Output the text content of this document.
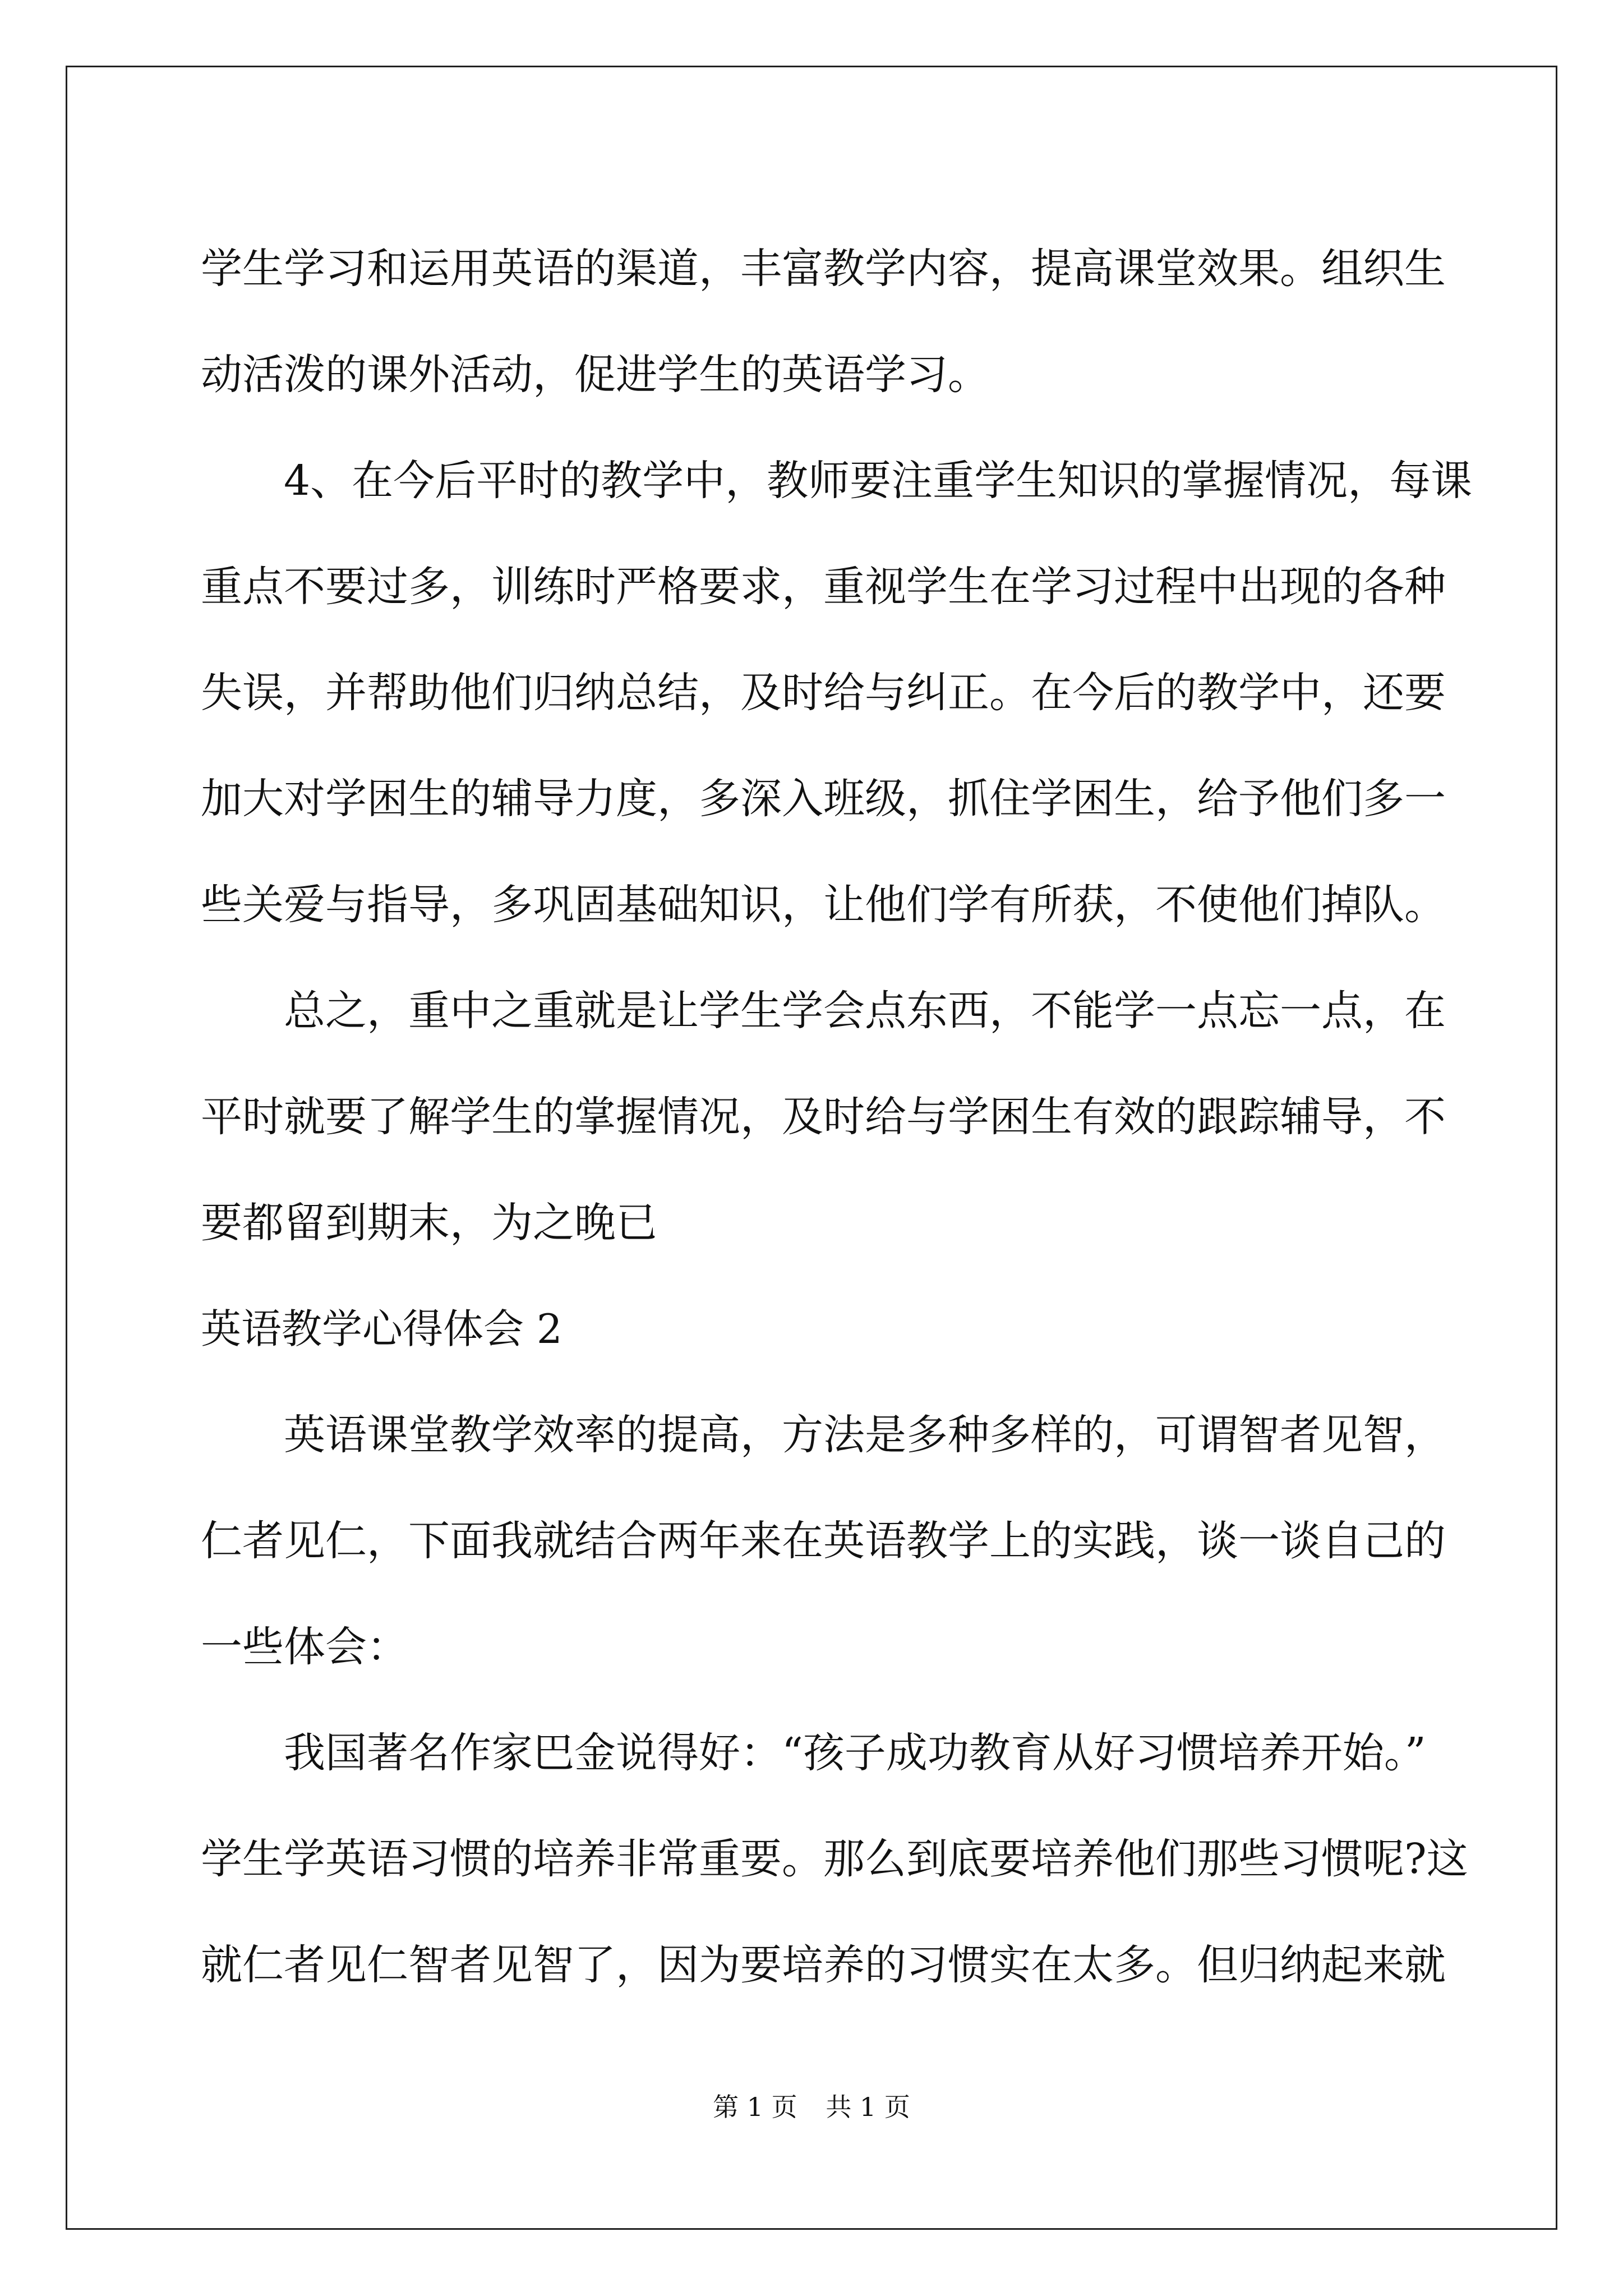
学生学习和运用英语的渠道，丰富教学内容，提高课堂效果。组织生
动活泼的课外活动，促进学生的英语学习。
4、在今后平时的教学中，教师要注重学生知识的掌握情况，每课
重点不要过多，训练时严格要求，重视学生在学习过程中出现的各种
失误，并帮助他们归纳总结，及时给与纠正。在今后的教学中，还要
加大对学困生的辅导力度，多深入班级，抓住学困生，给予他们多一
些关爱与指导，多巩固基础知识，让他们学有所获，不使他们掉队。
总之，重中之重就是让学生学会点东西，不能学一点忘一点，在
平时就要了解学生的掌握情况，及时给与学困生有效的跟踪辅导，不
要都留到期末，为之晚已
英语教学心得体会 2
英语课堂教学效率的提高，方法是多种多样的，可谓智者见智，
仁者见仁，下面我就结合两年来在英语教学上的实践，谈一谈自己的
一些体会：
我国著名作家巴金说得好：“孩子成功教育从好习惯培养开始。”
学生学英语习惯的培养非常重要。那么到底要培养他们那些习惯呢?这
就仁者见仁智者见智了，因为要培养的习惯实在太多。但归纳起来就
第 1 页 共 1 页
